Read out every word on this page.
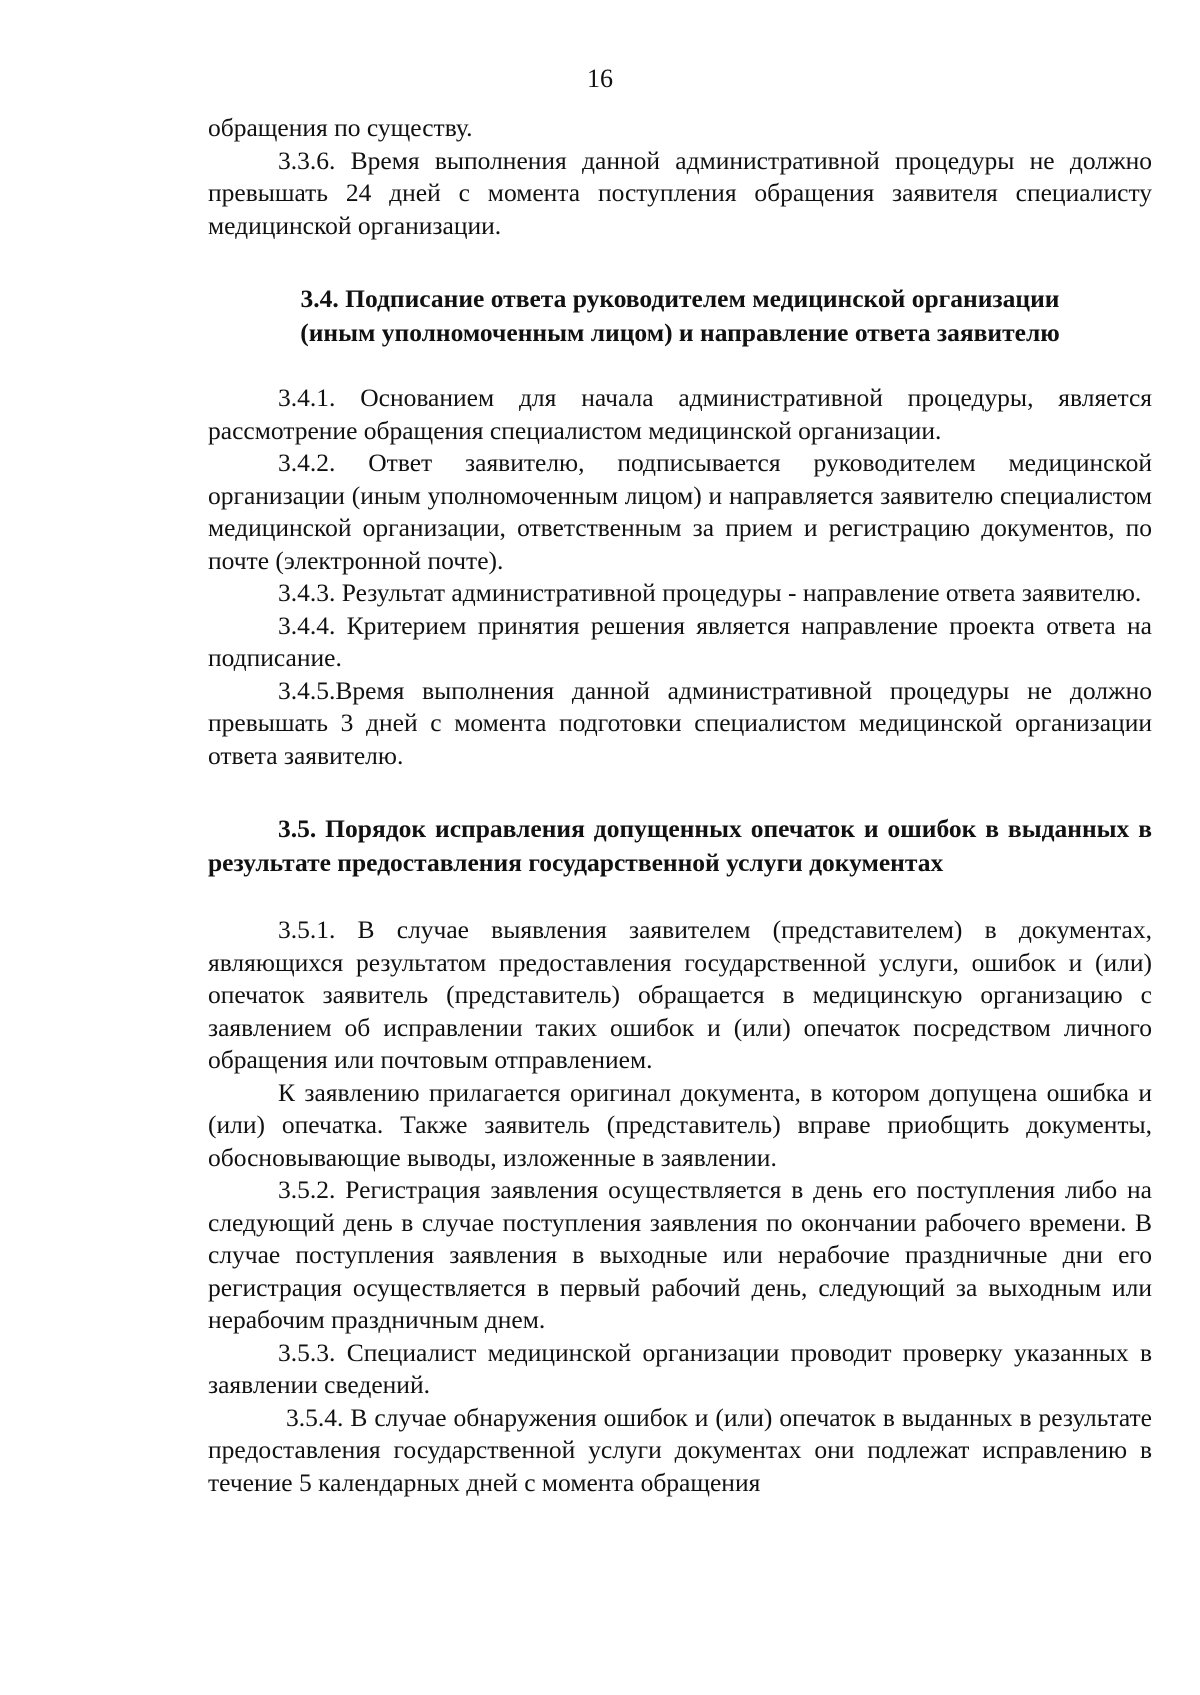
16

обращения по существу.

3.3.6. Время выполнения данной административной процедуры не должно превышать 24 дней с момента поступления обращения заявителя специалисту медицинской организации.

3.4. Подписание ответа руководителем медицинской организации
(иным уполномоченным лицом) и направление ответа заявителю

3.4.1. Основанием для начала административной процедуры, является рассмотрение обращения специалистом медицинской организации.

3.4.2. Ответ заявителю, подписывается руководителем медицинской организации (иным уполномоченным лицом) и направляется заявителю специалистом медицинской организации, ответственным за прием и регистрацию документов, по почте (электронной почте).

3.4.3. Результат административной процедуры - направление ответа заявителю.

3.4.4. Критерием принятия решения является направление проекта ответа на подписание.

3.4.5.Время выполнения данной административной процедуры не должно превышать 3 дней с момента подготовки специалистом медицинской организации ответа заявителю.

3.5. Порядок исправления допущенных опечаток и ошибок в выданных в результате предоставления государственной услуги документах

3.5.1. В случае выявления заявителем (представителем) в документах, являющихся результатом предоставления государственной услуги, ошибок и (или) опечаток заявитель (представитель) обращается в медицинскую организацию с заявлением об исправлении таких ошибок и (или) опечаток посредством личного обращения или почтовым отправлением.

К заявлению прилагается оригинал документа, в котором допущена ошибка и (или) опечатка. Также заявитель (представитель) вправе приобщить документы, обосновывающие выводы, изложенные в заявлении.

3.5.2. Регистрация заявления осуществляется в день его поступления либо на следующий день в случае поступления заявления по окончании рабочего времени. В случае поступления заявления в выходные или нерабочие праздничные дни его регистрация осуществляется в первый рабочий день, следующий за выходным или нерабочим праздничным днем.

3.5.3. Специалист медицинской организации проводит проверку указанных в заявлении сведений.

3.5.4. В случае обнаружения ошибок и (или) опечаток в выданных в результате предоставления государственной услуги документах они подлежат исправлению в течение 5 календарных дней с момента обращения
